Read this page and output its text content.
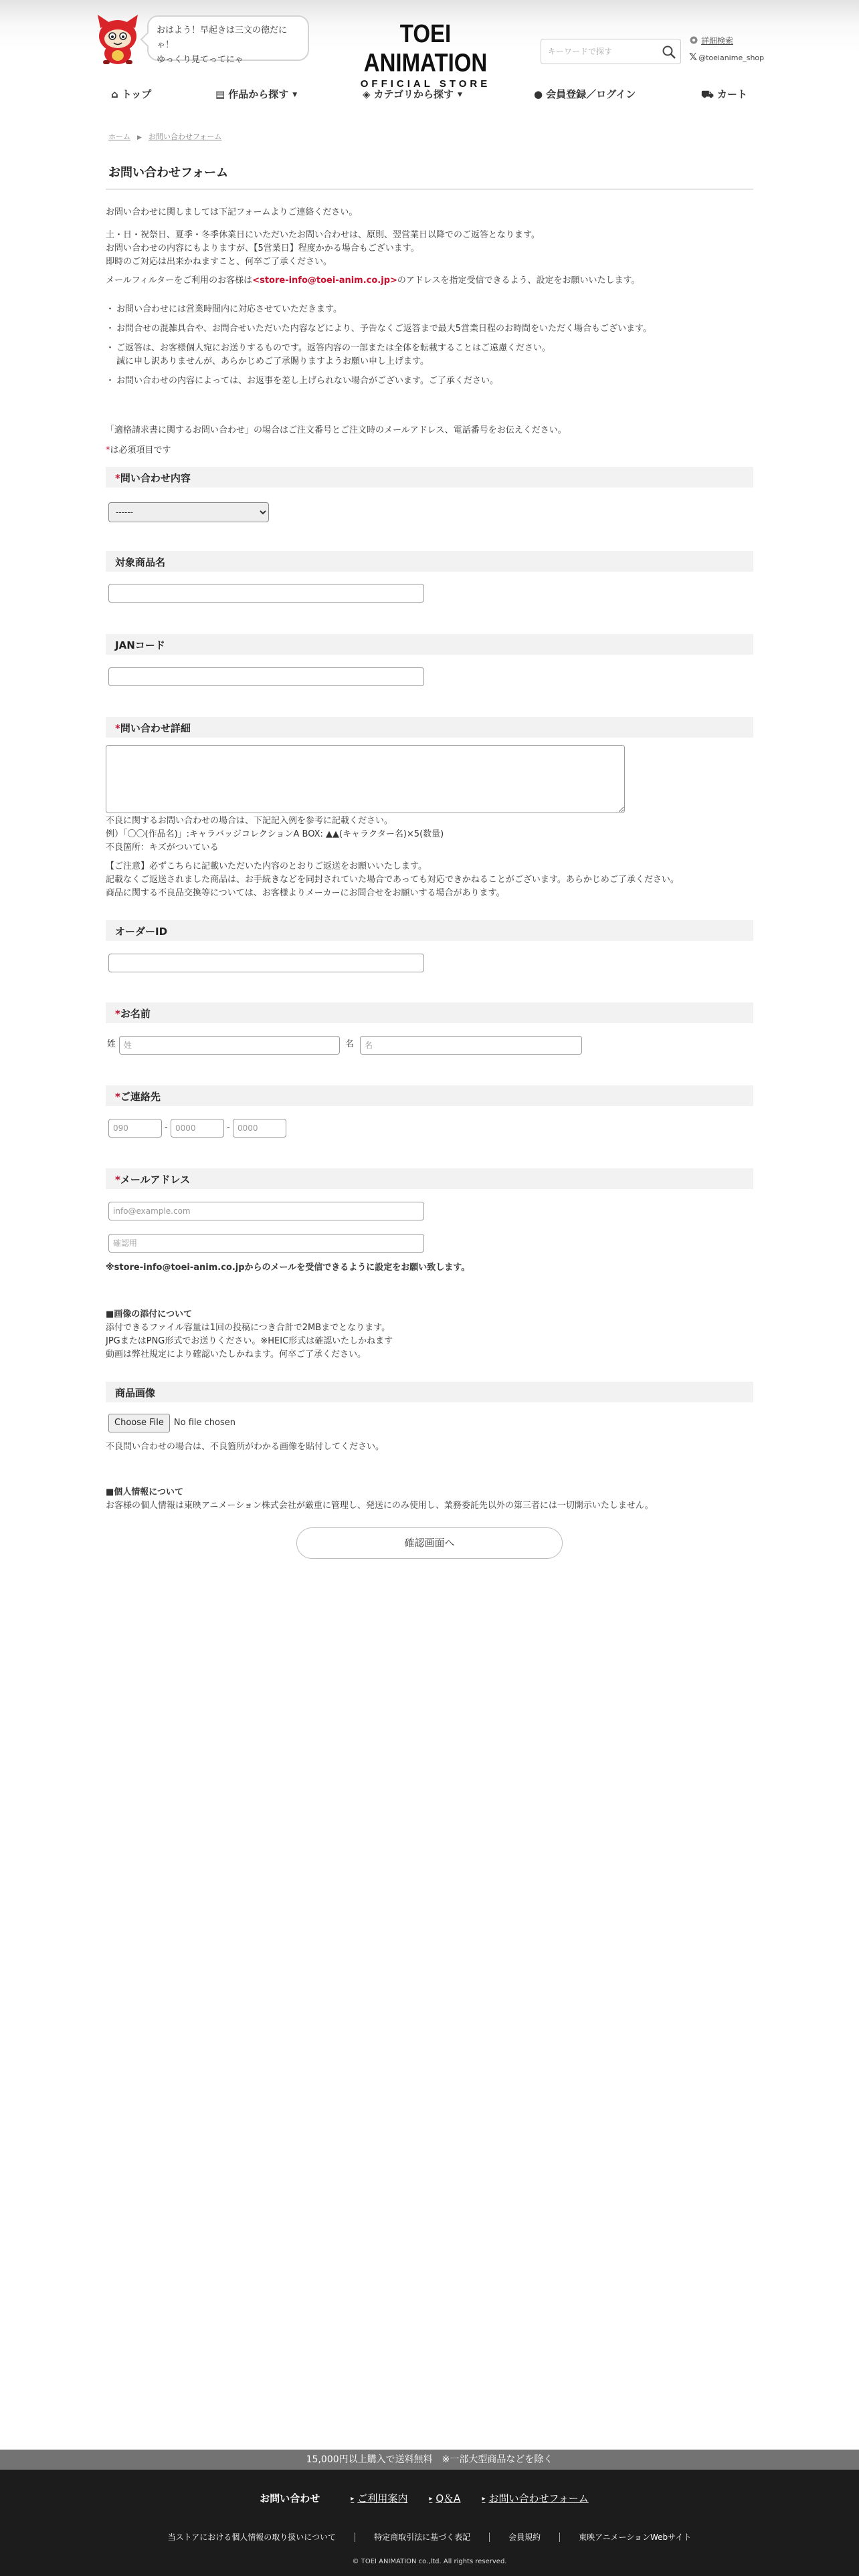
おはよう！早起きは三文の徳だにゃ！
ゆっくり見てってにゃ
TOEI ANIMATION
OFFICIAL STORE
キーワードで探す
詳細検索
𝕏 @toeianime_shop
⌂ トップ	▤ 作品から探す ▼	◈ カテゴリから探す ▼	● 会員登録／ログイン	⛟ カート
ホーム ▶ お問い合わせフォーム
お問い合わせフォーム

お問い合わせに関しましては下記フォームよりご連絡ください。

土・日・祝祭日、夏季・冬季休業日にいただいたお問い合わせは、原則、翌営業日以降でのご返答となります。

お問い合わせの内容にもよりますが、【5営業日】程度かかる場合もございます。

即時のご対応は出来かねますこと、何卒ご了承ください。

メールフィルターをご利用のお客様は<store-info@toei-anim.co.jp>のアドレスを指定受信できるよう、設定をお願いいたします。

・ お問い合わせには営業時間内に対応させていただきます。
・ お問合せの混雑具合や、お問合せいただいた内容などにより、予告なくご返答まで最大5営業日程のお時間をいただく場合もございます。
・ ご返答は、お客様個人宛にお送りするものです。返答内容の一部または全体を転載することはご遠慮ください。
誠に申し訳ありませんが、あらかじめご了承賜りますようお願い申し上げます。
・ お問い合わせの内容によっては、お返事を差し上げられない場合がございます。ご了承ください。
「適格請求書に関するお問い合わせ」の場合はご注文番号とご注文時のメールアドレス、電話番号をお伝えください。
*は必須項目です
*問い合わせ内容
------
対象商品名
JANコード
*問い合わせ詳細
不良に関するお問い合わせの場合は、下記記入例を参考に記載ください。
例）「〇〇(作品名)」:キャラバッジコレクションA BOX: ▲▲(キャラクター名)×5(数量)
不良箇所：キズがついている
【ご注意】必ずこちらに記載いただいた内容のとおりご返送をお願いいたします。
記載なくご返送されました商品は、お手続きなどを同封されていた場合であっても対応できかねることがございます。あらかじめご了承ください。
商品に関する不良品交換等については、お客様よりメーカーにお問合せをお願いする場合があります。
オーダーID
*お名前
姓
姓	名
名
*ご連絡先
090
-
0000	-
0000
*メールアドレス
info@example.com
確認用
※store-info@toei-anim.co.jpからのメールを受信できるように設定をお願い致します。
■画像の添付について
添付できるファイル容量は1回の投稿につき合計で2MBまでとなります。
JPGまたはPNG形式でお送りください。※HEIC形式は確認いたしかねます
動画は弊社規定により確認いたしかねます。何卒ご了承ください。
商品画像
Choose File No file chosen
不良問い合わせの場合は、不良箇所がわかる画像を貼付してください。
■個人情報について
お客様の個人情報は東映アニメーション株式会社が厳重に管理し、発送にのみ使用し、業務委託先以外の第三者には一切開示いたしません。
確認画面へ
15,000円以上購入で送料無料　※一部大型商品などを除く
お問い合わせ	▸ ご利用案内	▸ Q＆A	▸ お問い合わせフォーム
当ストアにおける個人情報の取り扱いについて	特定商取引法に基づく表記	会員規約	東映アニメーションWebサイト
© TOEI ANIMATION co.,ltd. All rights reserved.
